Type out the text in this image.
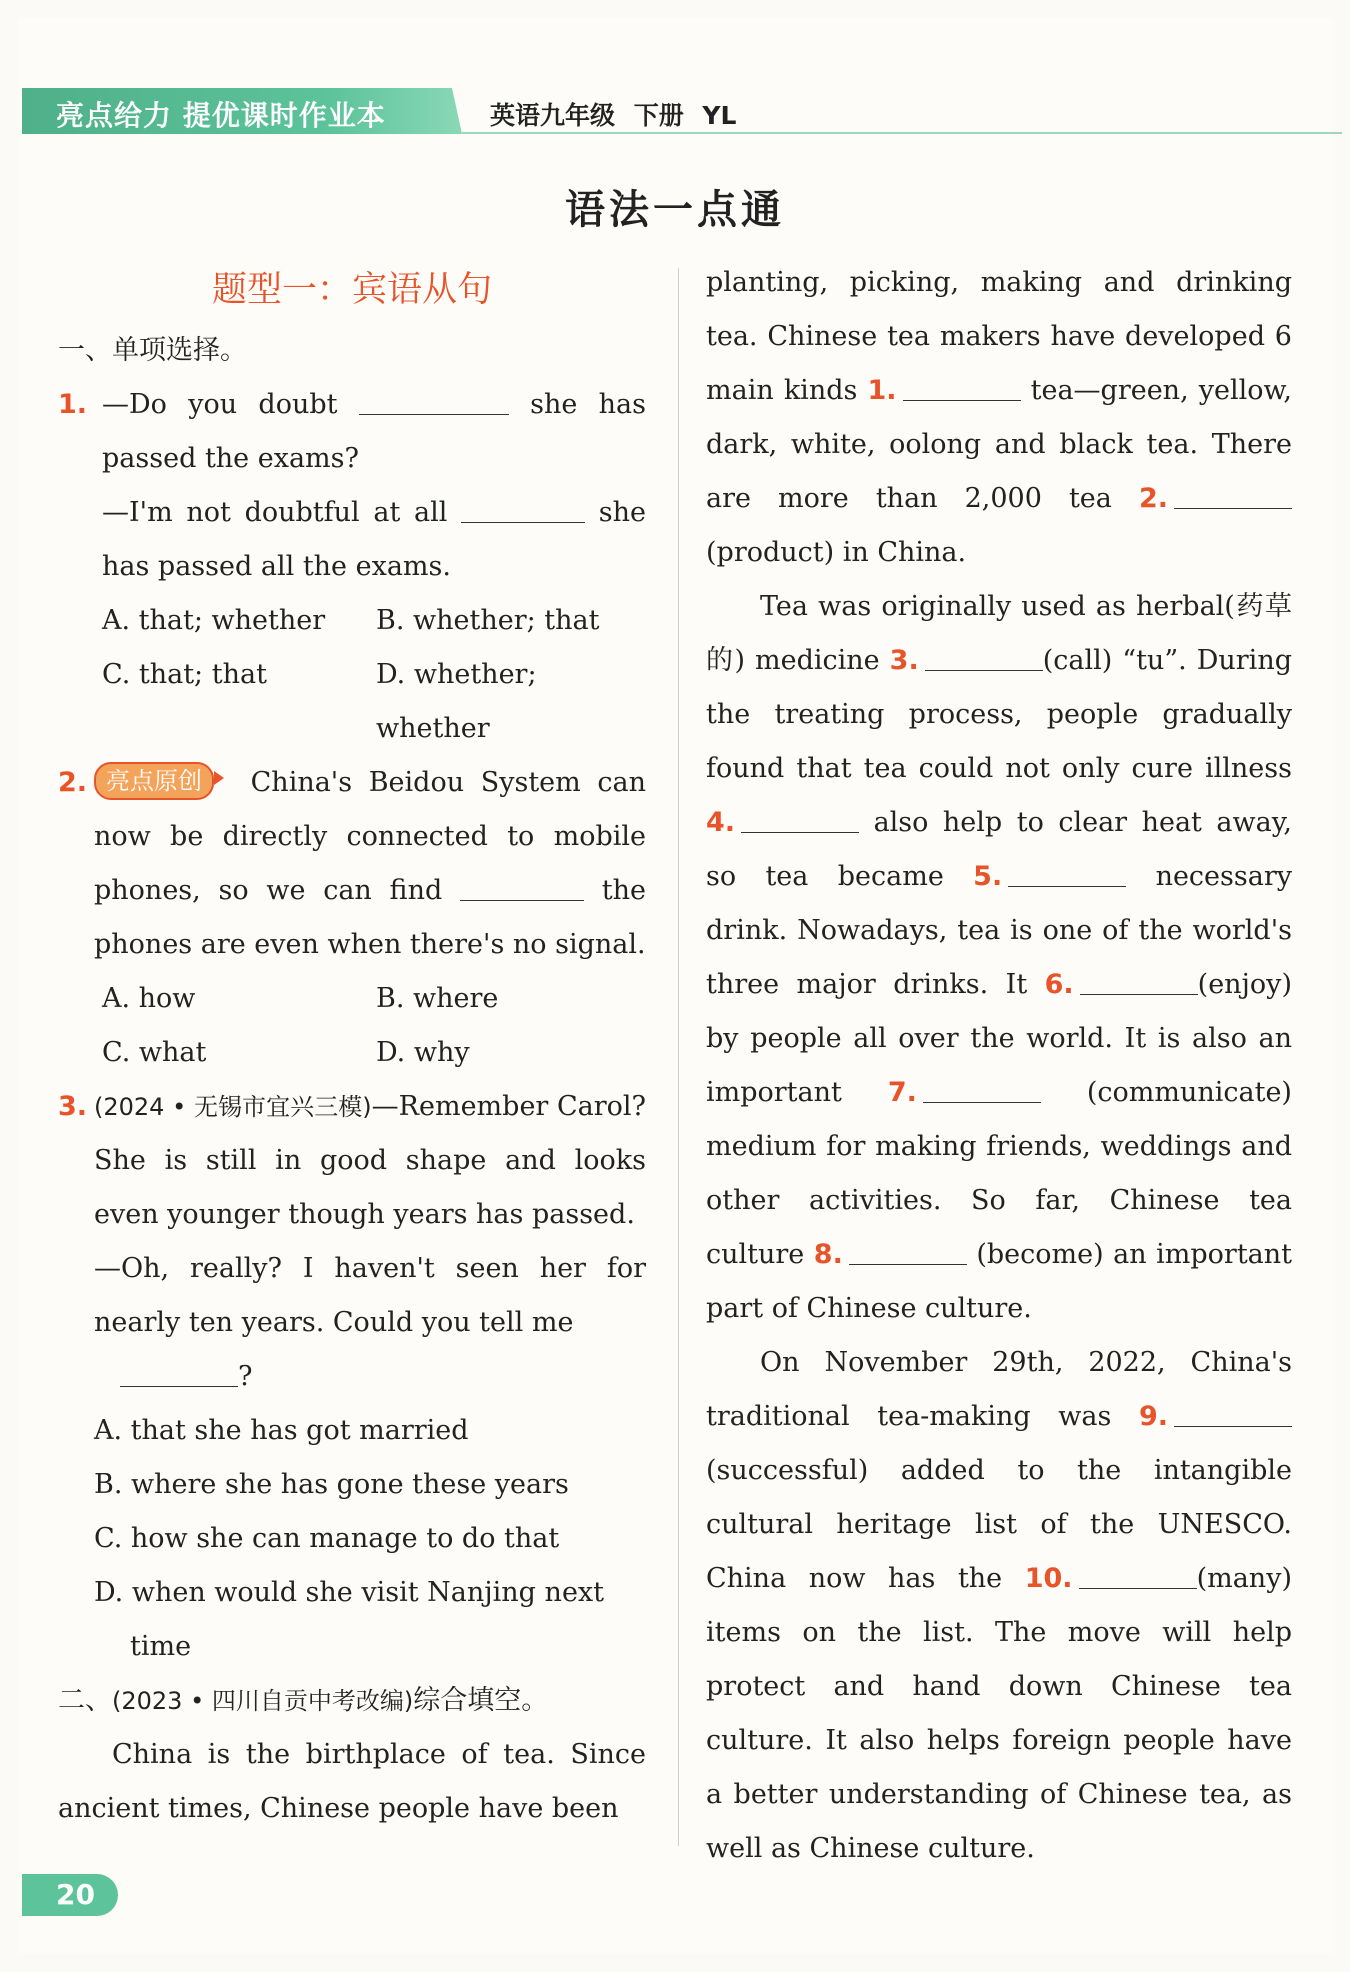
亮点给力 提优课时作业本	英语九年级 下册 YL
语法一点通
题型一：宾语从句
一、单项选择。
1. —Do you doubt	she has passed the exams?
—I'm not doubtful at all	she has passed all the exams.
A. that; whether	B. whether; that
C. that; that	D. whether; whether
2. 亮点原创 China's Beidou System can now be directly connected to mobile phones, so we can find	the phones are even when there's no signal.
A. how	B. where
C. what	D. why
3. (2024 • 无锡市宜兴三模)—Remember Carol? She is still in good shape and looks even younger though years has passed.
—Oh, really? I haven't seen her for nearly ten years. Could you tell me
?
A. that she has got married
B. where she has gone these years
C. how she can manage to do that
D. when would she visit Nanjing next
time
二、(2023 • 四川自贡中考改编)综合填空。
China is the birthplace of tea. Since ancient times, Chinese people have been
planting, picking, making and drinking tea. Chinese tea makers have developed 6 main kinds 1.	tea—green, yellow, dark, white, oolong and black tea. There are more than 2,000 tea 2.(product) in China.
Tea was originally used as herbal(药草的) medicine 3.	(call) “tu”. During the treating process, people gradually found that tea could not only cure illness 4.	also help to clear heat away, so tea became 5.	necessary drink. Nowadays, tea is one of the world's three major drinks. It 6.	(enjoy) by people all over the world. It is also an important 7.	(communicate) medium for making friends, weddings and other activities. So far, Chinese tea culture 8.	(become) an important part of Chinese culture.
On November 29th, 2022, China's traditional tea-making was 9. (successful) added to the intangible cultural heritage list of the UNESCO. China now has the 10.	(many) items on the list. The move will help protect and hand down Chinese tea culture. It also helps foreign people have a better understanding of Chinese tea, as well as Chinese culture.
20
